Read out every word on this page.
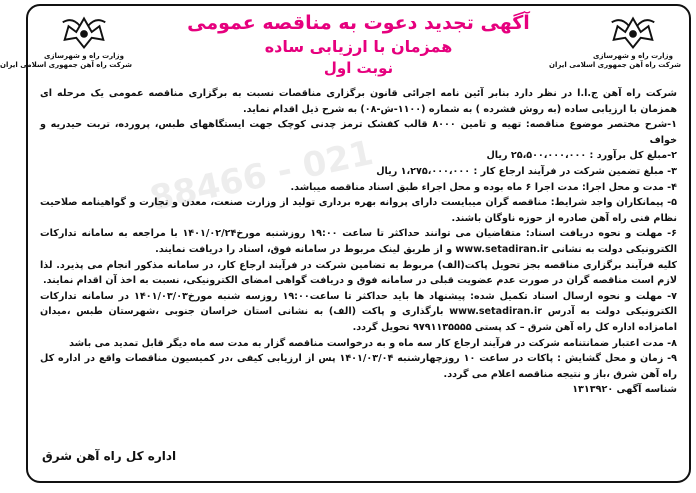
021 - 88466
وزارت راه و شهرسازی
شرکت راه آهن جمهوری اسلامی ایران
وزارت راه و شهرسازی
شرکت راه آهن جمهوری اسلامی ایران
آگهی تجدید دعوت به مناقصه عمومی
همزمان با ارزیابی ساده
نوبت اول

شرکت راه آهن ج.ا.ا در نظر دارد بنابر آئین نامه اجرائی قانون برگزاری مناقصات نسبت به برگزاری مناقصه عمومی یک مرحله ای همزمان با ارزیابی ساده (به روش فشرده ) به شماره (۱۱۰۰-ش-۰۸) به شرح ذیل اقدام نماید.

۱-شرح مختصر موضوع مناقصه: تهیه و تامین ۸۰۰۰ قالب کفشک ترمز چدنی کوچک جهت ایستگاههای طبس، پرورده، تربت حیدریه و خواف

۲-مبلغ کل برآورد : ۲۵،۵۰۰،۰۰۰،۰۰۰ ریال

۳- مبلغ تضمین شرکت در فرآیند ارجاع کار : ۱،۲۷۵،۰۰۰،۰۰۰ ریال

۴- مدت و محل اجرا: مدت اجرا ۶ ماه بوده و محل اجراء طبق اسناد مناقصه میباشد.

۵- پیمانکاران واجد شرایط: مناقصه گران میبایست دارای پروانه بهره برداری تولید از وزارت صنعت، معدن و تجارت و گواهینامه صلاحیت نظام فنی راه آهن صادره از حوزه ناوگان باشند.

۶- مهلت و نحوه دریافت اسناد: متقاضیان می توانند حداکثر تا ساعت ۱۹:۰۰ روزشنبه مورخ۱۴۰۱/۰۲/۲۴ با مراجعه به سامانه تدارکات الکترونیکی دولت به نشانی www.setadiran.ir و از طریق لینک مربوط در سامانه فوق، اسناد را دریافت نمایند.

کلیه فرآیند برگزاری مناقصه بجز تحویل پاکت(الف) مربوط به تضامین شرکت در فرآیند ارجاع کار، در سامانه مذکور انجام می پذیرد. لذا لازم است مناقصه گران در صورت عدم عضویت قبلی در سامانه فوق و دریافت گواهی امضای الکترونیکی، نسبت به اخذ آن اقدام نمایند.

۷- مهلت و نحوه ارسال اسناد تکمیل شده: پیشنهاد ها باید حداکثر تا ساعت۱۹:۰۰ روزسه شنبه مورخ۱۴۰۱/۰۳/۰۳ در سامانه تدارکات الکترونیکی دولت به آدرس www.setadiran.ir بارگذاری و پاکت (الف) به نشانی استان خراسان جنوبی ،شهرستان طبس ،میدان امامزاده اداره کل راه آهن شرق – کد پستی ۹۷۹۱۱۳۵۵۵۵ تحویل گردد.

۸- مدت اعتبار ضمانتنامه شرکت در فرآیند ارجاع کار سه ماه و به درخواست مناقصه گزار به مدت سه ماه دیگر قابل تمدید می باشد

۹- زمان و محل گشایش : پاکات در ساعت ۱۰ روزچهارشنبه ۱۴۰۱/۰۳/۰۴ پس از ارزیابی کیفی ،در کمیسیون مناقصات واقع در اداره کل راه آهن شرق ،باز و نتیجه مناقصه اعلام می گردد.

شناسه آگهی ۱۳۱۳۹۲۰

اداره کل راه آهن شرق
